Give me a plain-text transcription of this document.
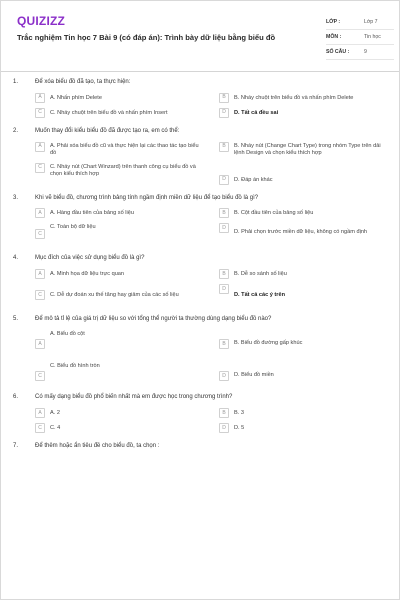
QUIZIZZ
Trắc nghiệm Tin học 7 Bài 9 (có đáp án): Trình bày dữ liệu bằng biểu đồ
LỚP :	Lớp 7
MÔN :	Tin học
SỐ CÂU :	9
1.	Để xóa biểu đồ đã tạo, ta thực hiện:
A	A. Nhấn phím Delete	B	B. Nháy chuột trên biểu đồ và nhấn phím Delete
C	C. Nháy chuột trên biểu đồ và nhấn phím Insert	D	D. Tất cả đều sai
2.	Muốn thay đổi kiểu biểu đồ đã được tạo ra, em có thể:
A	A. Phải xóa biểu đồ cũ và thực hiện lại các thao tác tạo biểu đồ
B	B. Nháy nút (Change Chart Type) trong nhóm Type trên dải lệnh Design và chọn kiểu thích hợp
C	C. Nháy nút (Chart Winzard) trên thanh công cụ biểu đồ và chọn kiểu thích hợp
D	D. Đáp án khác
3.	Khi vẽ biểu đồ, chương trình bảng tính ngầm định miền dữ liệu để tạo biểu đồ là gì?
A	A. Hàng đầu tiên của bảng số liệu	B	B. Cột đầu tiên của bảng số liệu
C
C. Toàn bộ dữ liệu	D
D. Phải chọn trước miền dữ liệu, không có ngầm định
4.	Mục đích của việc sử dụng biểu đồ là gì?
A	A. Minh họa dữ liệu trực quan	B	B. Dễ so sánh số liệu
C	C. Dễ dự đoán xu thế tăng hay giảm của các số liệu
D
D. Tất cả các ý trên
5.	Để mô tả tỉ lệ của giá trị dữ liệu so với tổng thể người ta thường dùng dạng biểu đồ nào?
A
A. Biểu đồ cột
B	B. Biểu đồ đường gấp khúc
C
C. Biểu đồ hình tròn
D	D. Biểu đồ miền
6.	Có mấy dạng biểu đồ phổ biến nhất mà em được học trong chương trình?
A	A. 2	B	B. 3
C	C. 4	D	D. 5
7.	Để thêm hoặc ẩn tiêu đề cho biểu đồ, ta chọn :
